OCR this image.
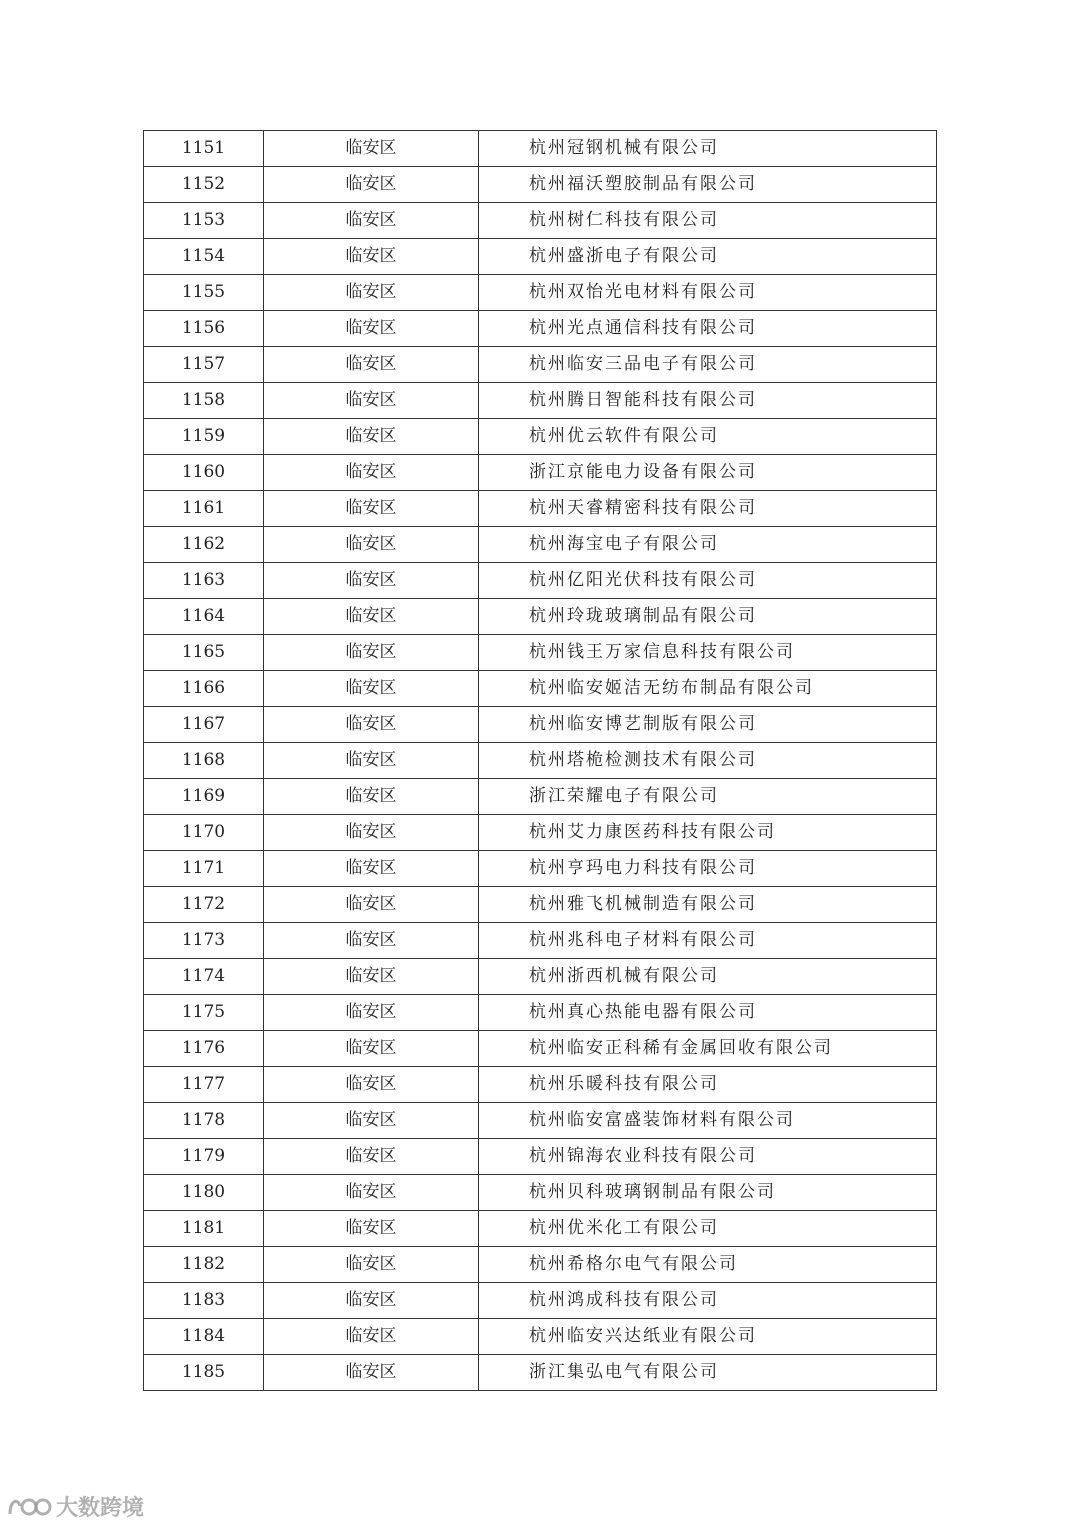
1151	临安区	杭州冠钢机械有限公司
1152	临安区	杭州福沃塑胶制品有限公司
1153	临安区	杭州树仁科技有限公司
1154	临安区	杭州盛浙电子有限公司
1155	临安区	杭州双怡光电材料有限公司
1156	临安区	杭州光点通信科技有限公司
1157	临安区	杭州临安三品电子有限公司
1158	临安区	杭州腾日智能科技有限公司
1159	临安区	杭州优云软件有限公司
1160	临安区	浙江京能电力设备有限公司
1161	临安区	杭州天睿精密科技有限公司
1162	临安区	杭州海宝电子有限公司
1163	临安区	杭州亿阳光伏科技有限公司
1164	临安区	杭州玲珑玻璃制品有限公司
1165	临安区	杭州钱王万家信息科技有限公司
1166	临安区	杭州临安姬洁无纺布制品有限公司
1167	临安区	杭州临安博艺制版有限公司
1168	临安区	杭州塔桅检测技术有限公司
1169	临安区	浙江荣耀电子有限公司
1170	临安区	杭州艾力康医药科技有限公司
1171	临安区	杭州亨玛电力科技有限公司
1172	临安区	杭州雅飞机械制造有限公司
1173	临安区	杭州兆科电子材料有限公司
1174	临安区	杭州浙西机械有限公司
1175	临安区	杭州真心热能电器有限公司
1176	临安区	杭州临安正科稀有金属回收有限公司
1177	临安区	杭州乐暖科技有限公司
1178	临安区	杭州临安富盛装饰材料有限公司
1179	临安区	杭州锦海农业科技有限公司
1180	临安区	杭州贝科玻璃钢制品有限公司
1181	临安区	杭州优米化工有限公司
1182	临安区	杭州希格尔电气有限公司
1183	临安区	杭州鸿成科技有限公司
1184	临安区	杭州临安兴达纸业有限公司
1185	临安区	浙江集弘电气有限公司
大数跨境
